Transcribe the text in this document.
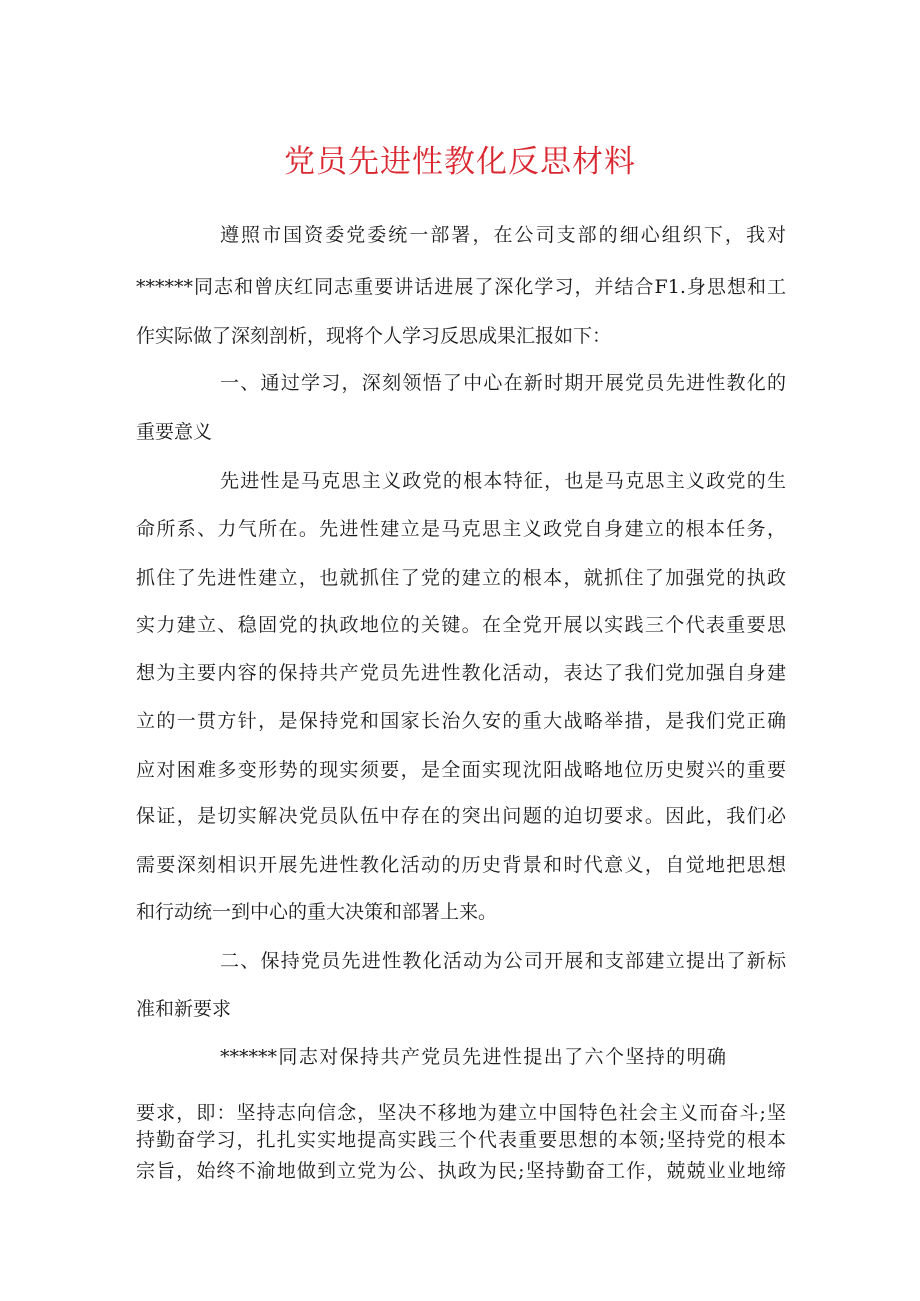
党员先进性教化反思材料
遵照市国资委党委统一部署，在公司支部的细心组织下，我对
******同志和曾庆红同志重要讲话进展了深化学习，并结合F1.身思想和工
作实际做了深刻剖析，现将个人学习反思成果汇报如下：
一、通过学习，深刻领悟了中心在新时期开展党员先进性教化的
重要意义
先进性是马克思主义政党的根本特征，也是马克思主义政党的生
命所系、力气所在。先进性建立是马克思主义政党自身建立的根本任务，
抓住了先进性建立，也就抓住了党的建立的根本，就抓住了加强党的执政
实力建立、稳固党的执政地位的关键。在全党开展以实践三个代表重要思
想为主要内容的保持共产党员先进性教化活动，表达了我们党加强自身建
立的一贯方针，是保持党和国家长治久安的重大战略举措，是我们党正确
应对困难多变形势的现实须要，是全面实现沈阳战略地位历史熨兴的重要
保证，是切实解决党员队伍中存在的突出问题的迫切要求。因此，我们必
需要深刻相识开展先进性教化活动的历史背景和时代意义，自觉地把思想
和行动统一到中心的重大决策和部署上来。
二、保持党员先进性教化活动为公司开展和支部建立提出了新标
准和新要求
******同志对保持共产党员先进性提出了六个坚持的明确
要求，即：坚持志向信念，坚决不移地为建立中国特色社会主义而奋斗;坚
持勤奋学习，扎扎实实地提高实践三个代表重要思想的本领;坚持党的根本
宗旨，始终不渝地做到立党为公、执政为民;坚持勤奋工作，兢兢业业地缔
